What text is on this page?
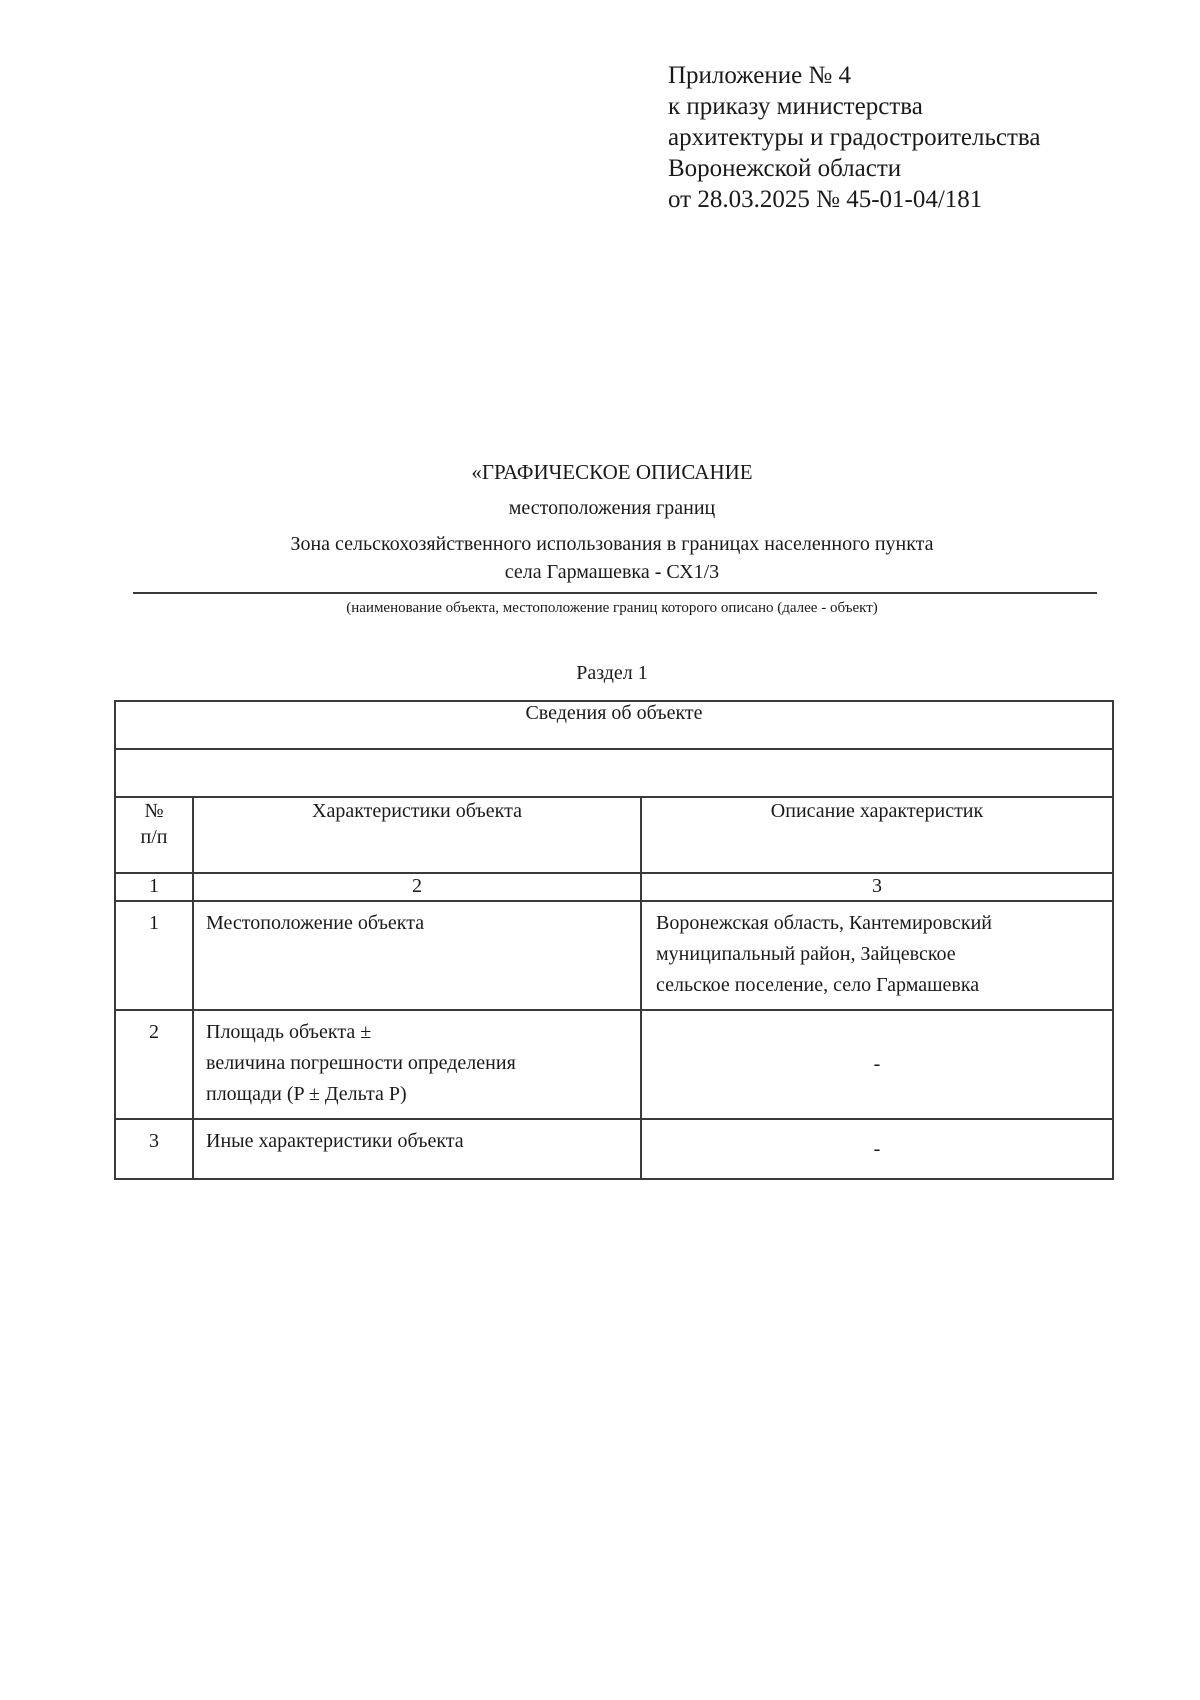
Приложение № 4
к приказу министерства
архитектуры и градостроительства
Воронежской области
от 28.03.2025 № 45-01-04/181
«ГРАФИЧЕСКОЕ ОПИСАНИЕ
местоположения границ
Зона сельскохозяйственного использования в границах населенного пункта
села Гармашевка - СХ1/3
(наименование объекта, местоположение границ которого описано (далее - объект)
Раздел 1
Сведения об объекте		

№
п/п	Характеристики объекта	Описание характеристик
1	2	3
1	Местоположение объекта	Воронежская область, Кантемировский
муниципальный район, Зайцевское
сельское поселение, село Гармашевка

2	Площадь объекта ±
величина погрешности определения
площади (P ± Дельта P)	-
3	Иные характеристики объекта	-
